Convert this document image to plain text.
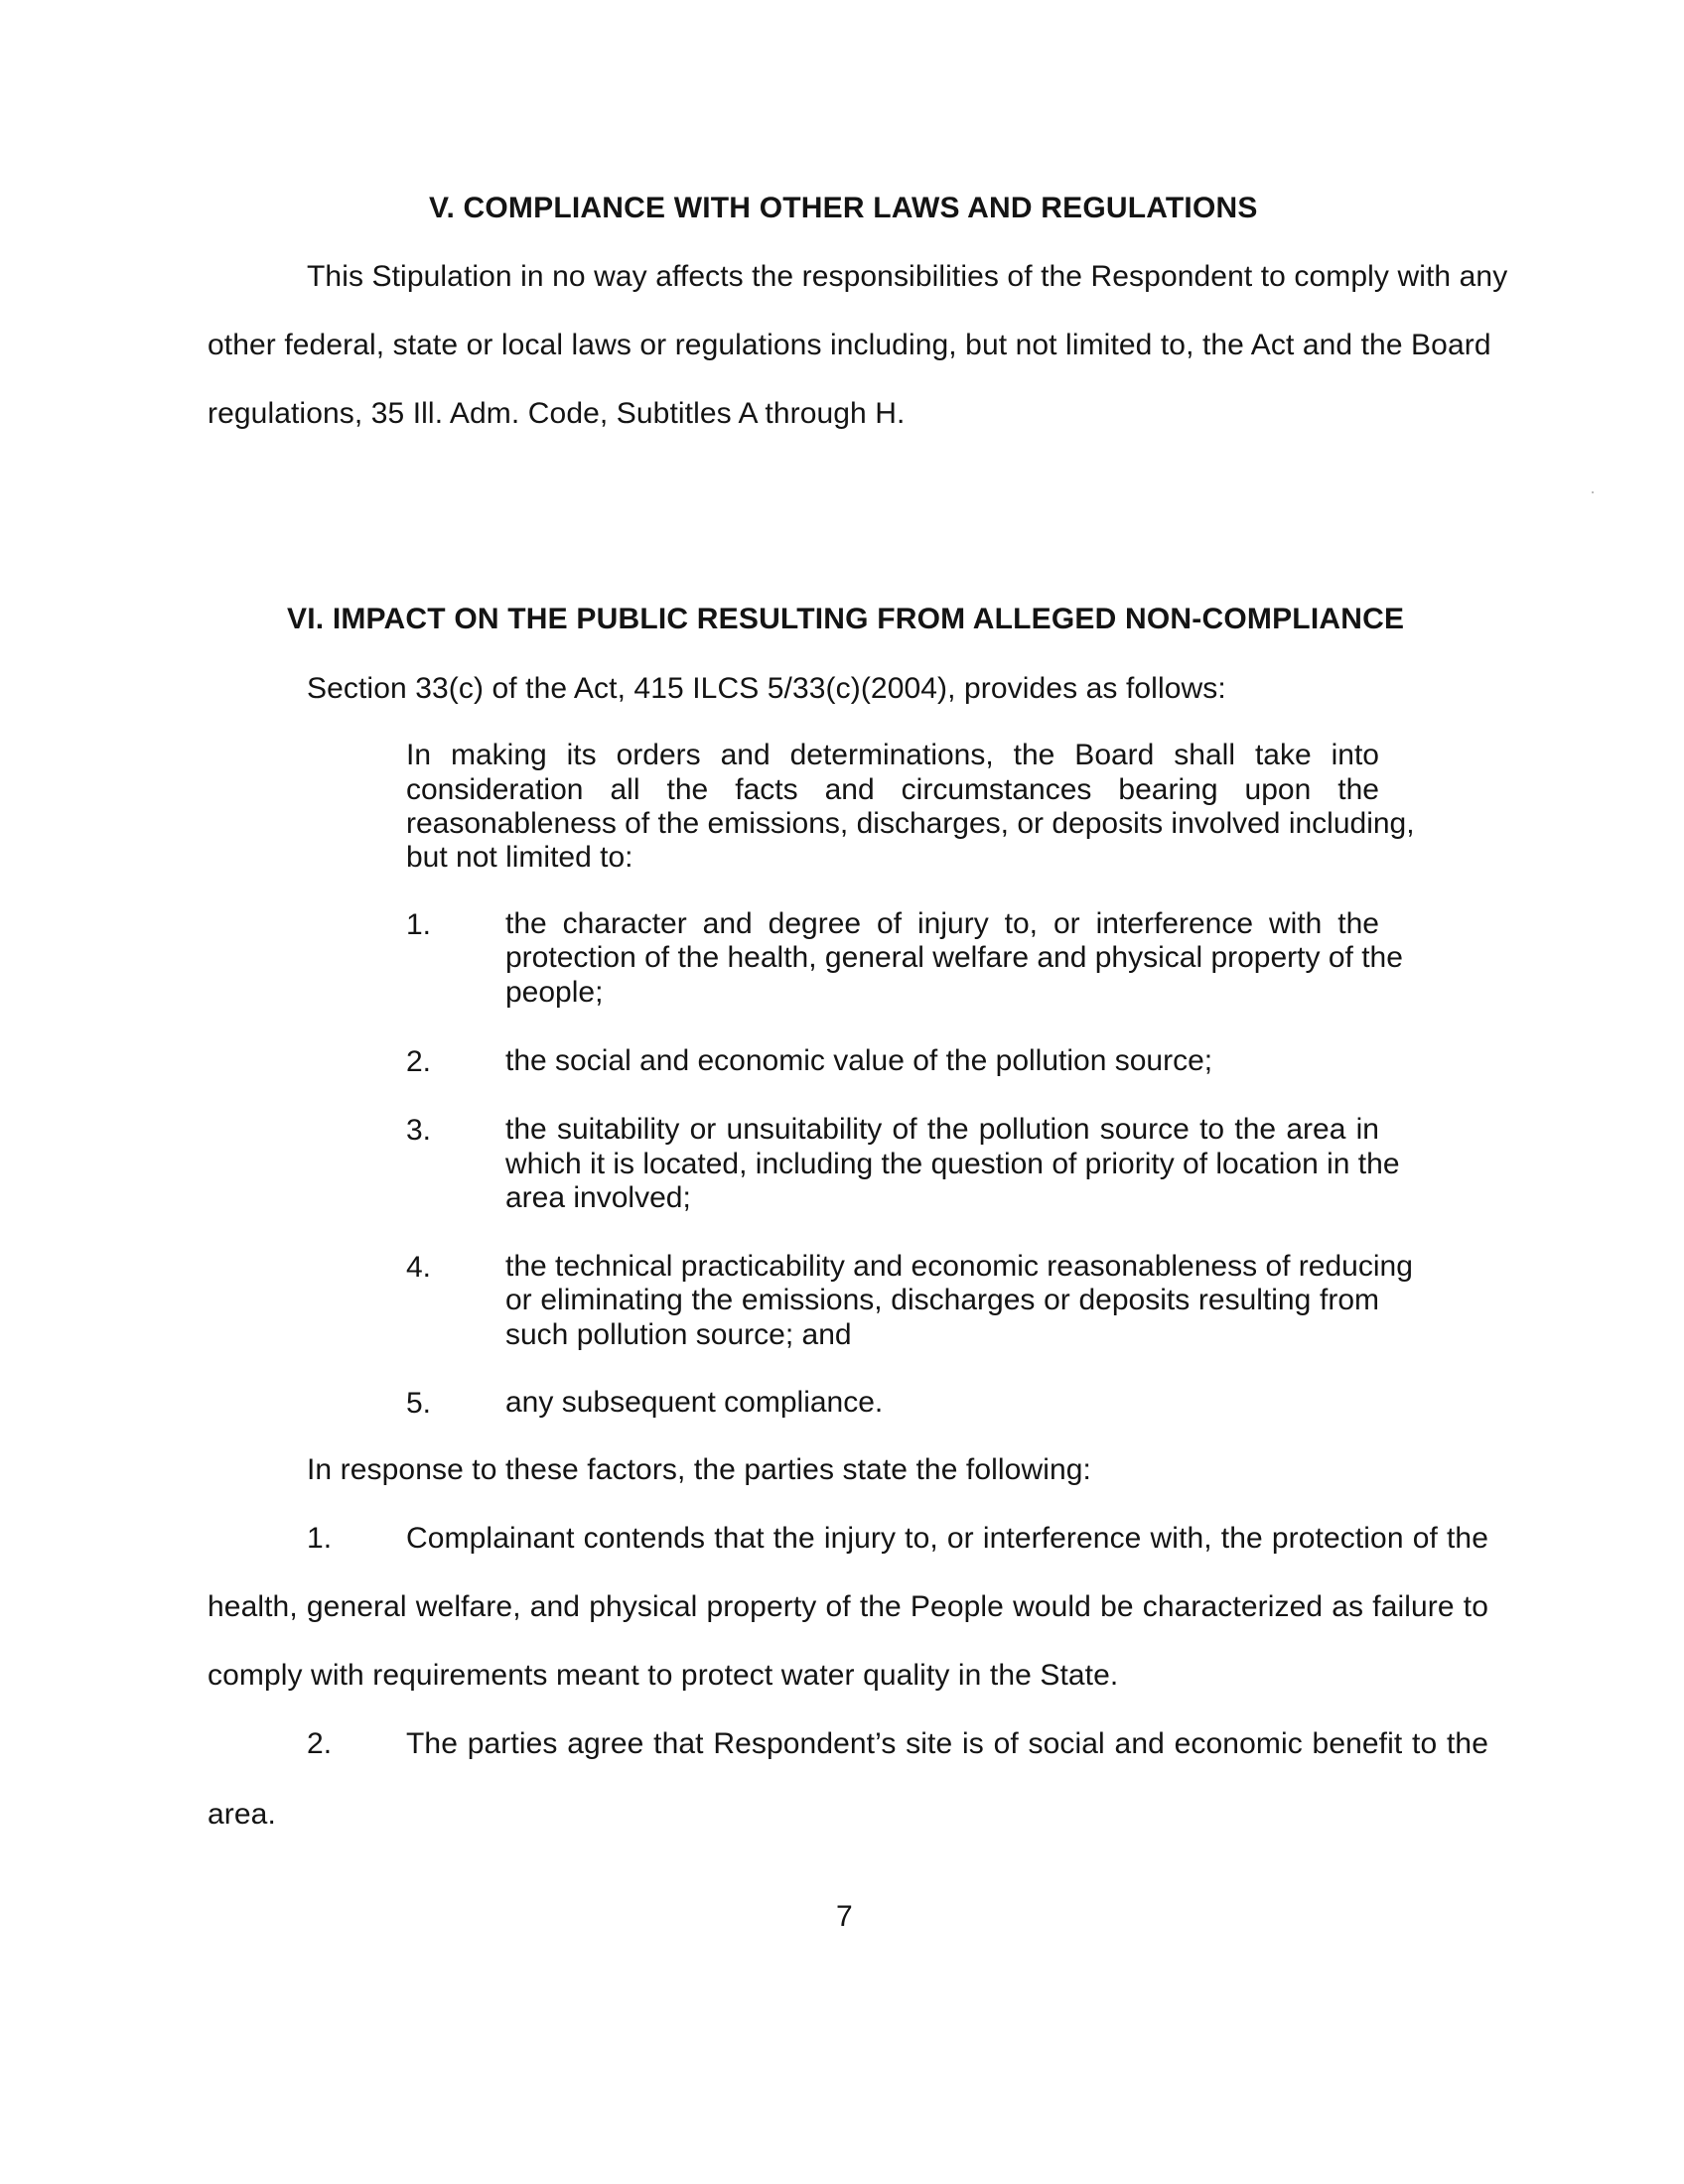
V. COMPLIANCE WITH OTHER LAWS AND REGULATIONS
This Stipulation in no way affects the responsibilities of the Respondent to comply with any
other federal, state or local laws or regulations including, but not limited to, the Act and the Board
regulations, 35 Ill. Adm. Code, Subtitles A through H.
VI. IMPACT ON THE PUBLIC RESULTING FROM ALLEGED NON-COMPLIANCE
Section 33(c) of the Act, 415 ILCS 5/33(c)(2004), provides as follows:
In making its orders and determinations, the Board shall take into
consideration all the facts and circumstances bearing upon the
reasonableness of the emissions, discharges, or deposits involved including,
but not limited to:
1. the character and degree of injury to, or interference with the
protection of the health, general welfare and physical property of the
people;
2. the social and economic value of the pollution source;
3. the suitability or unsuitability of the pollution source to the area in
which it is located, including the question of priority of location in the
area involved;
4. the technical practicability and economic reasonableness of reducing
or eliminating the emissions, discharges or deposits resulting from
such pollution source; and
5. any subsequent compliance.
In response to these factors, the parties state the following:
1. Complainant contends that the injury to, or interference with, the protection of the
health, general welfare, and physical property of the People would be characterized as failure to
comply with requirements meant to protect water quality in the State.
2. The parties agree that Respondent’s site is of social and economic benefit to the
area.
7
